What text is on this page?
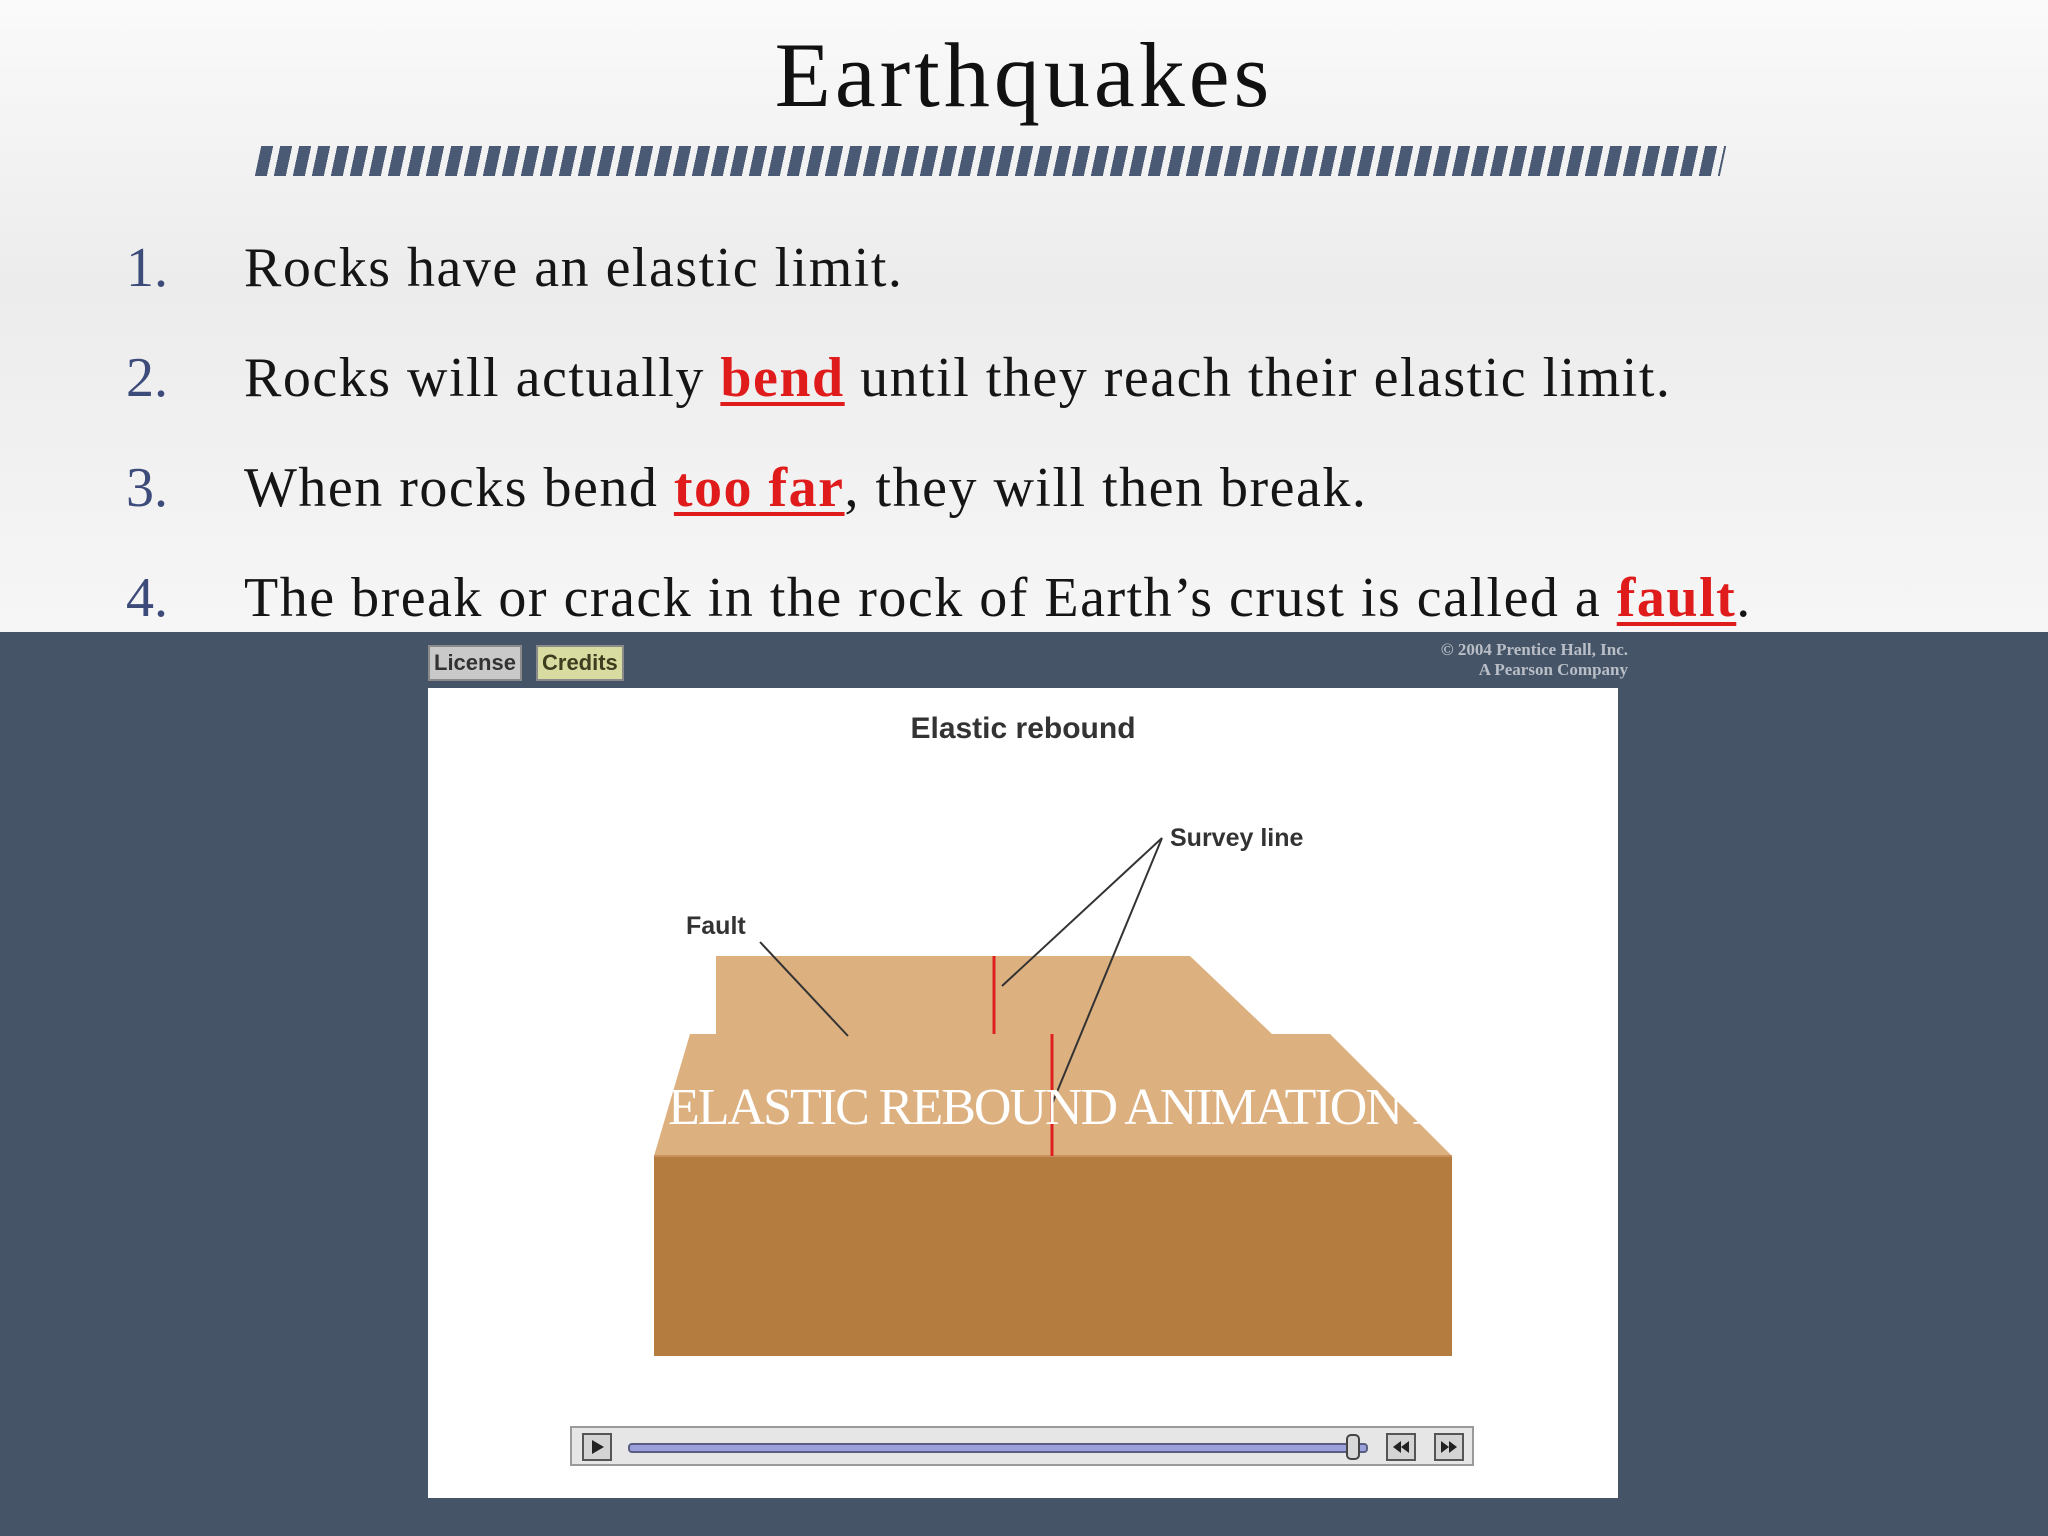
Earthquakes
1. Rocks have an elastic limit.
2. Rocks will actually bend until they reach their elastic limit.
3. When rocks bend too far, they will then break.
4. The break or crack in the rock of Earth’s crust is called a fault.
License Credits
© 2004 Prentice Hall, Inc.
A Pearson Company
Elastic rebound
Survey line
Fault
ELASTIC REBOUND ANIMATION HERE
